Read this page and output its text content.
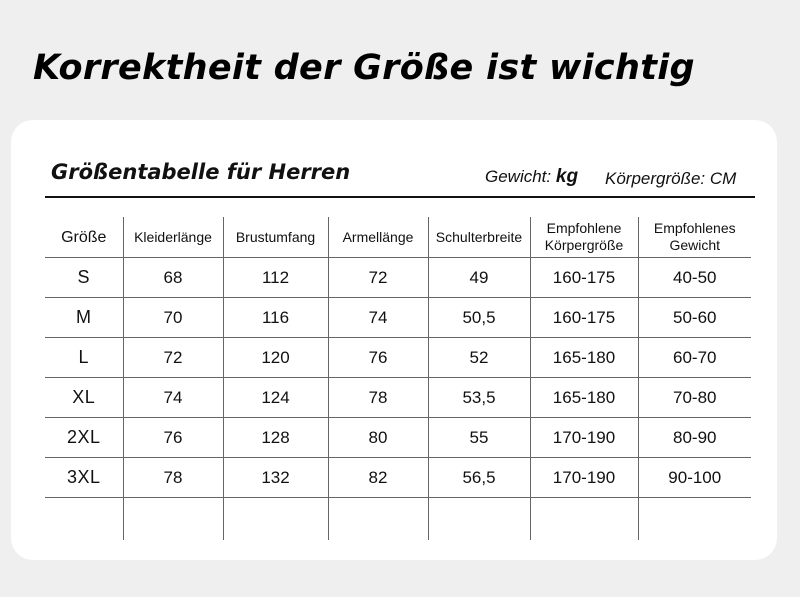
Korrektheit der Größe ist wichtig
Größentabelle für Herren	Gewicht: kg Körpergröße: CM
Größe	Kleiderlänge	Brustumfang	Armellänge	Schulterbreite	Empfohlene Körpergröße	Empfohlenes Gewicht
S	68	112	72	49	160-175	40-50
M	70	116	74	50,5	160-175	50-60
L	72	120	76	52	165-180	60-70
XL	74	124	78	53,5	165-180	70-80
2XL	76	128	80	55	170-190	80-90
3XL	78	132	82	56,5	170-190	90-100
